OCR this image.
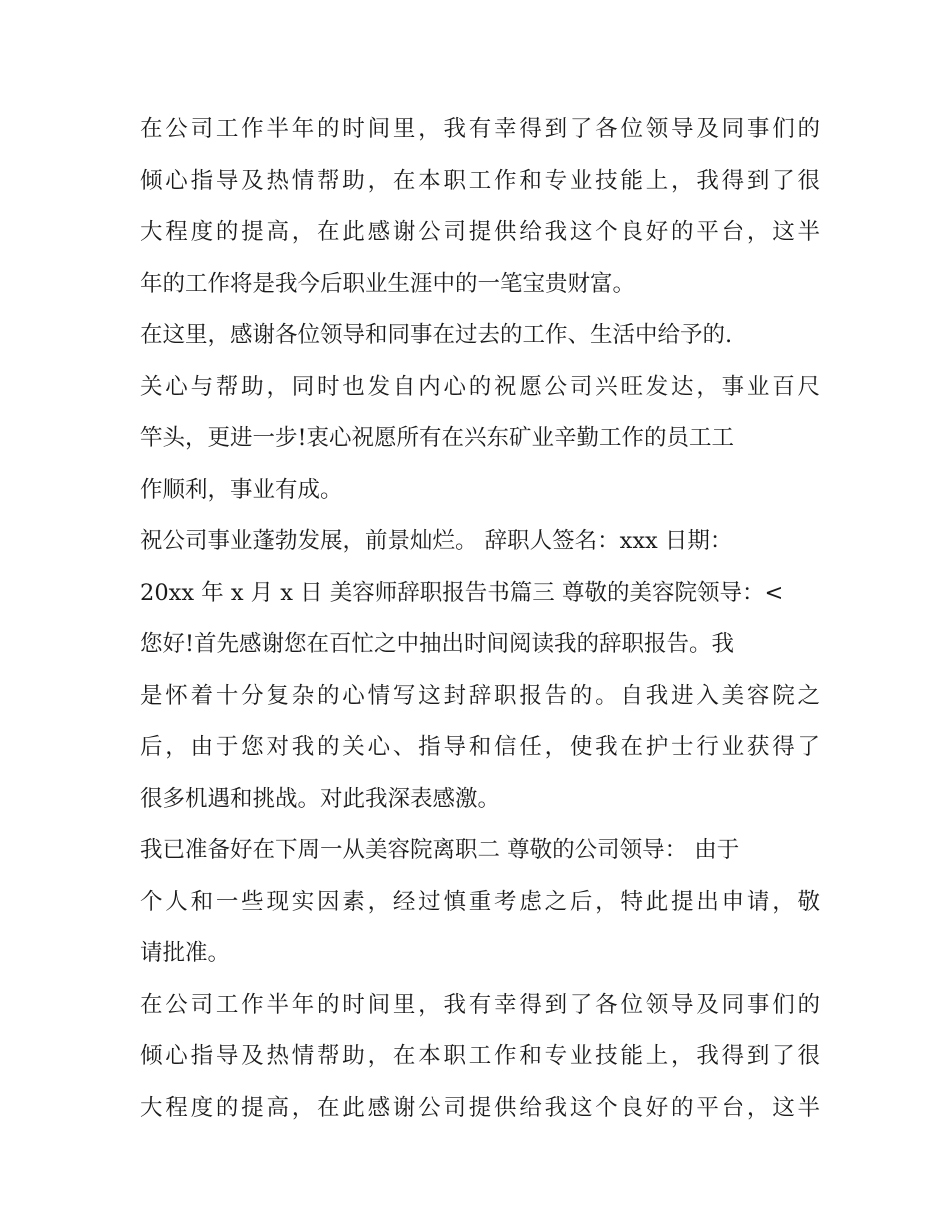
在公司工作半年的时间里，我有幸得到了各位领导及同事们的
倾心指导及热情帮助，在本职工作和专业技能上，我得到了很
大程度的提高，在此感谢公司提供给我这个良好的平台，这半
年的工作将是我今后职业生涯中的一笔宝贵财富。
在这里，感谢各位领导和同事在过去的工作、生活中给予的.
关心与帮助，同时也发自内心的祝愿公司兴旺发达，事业百尺
竿头，更进一步!衷心祝愿所有在兴东矿业辛勤工作的员工工
作顺利，事业有成。
祝公司事业蓬勃发展，前景灿烂。 辞职人签名：xxx 日期：
20xx 年 x 月 x 日 美容师辞职报告书篇三 尊敬的美容院领导：<
您好!首先感谢您在百忙之中抽出时间阅读我的辞职报告。我
是怀着十分复杂的心情写这封辞职报告的。自我进入美容院之
后，由于您对我的关心、指导和信任，使我在护士行业获得了
很多机遇和挑战。对此我深表感激。
我已准备好在下周一从美容院离职二 尊敬的公司领导： 由于
个人和一些现实因素，经过慎重考虑之后，特此提出申请，敬
请批准。
在公司工作半年的时间里，我有幸得到了各位领导及同事们的
倾心指导及热情帮助，在本职工作和专业技能上，我得到了很
大程度的提高，在此感谢公司提供给我这个良好的平台，这半
